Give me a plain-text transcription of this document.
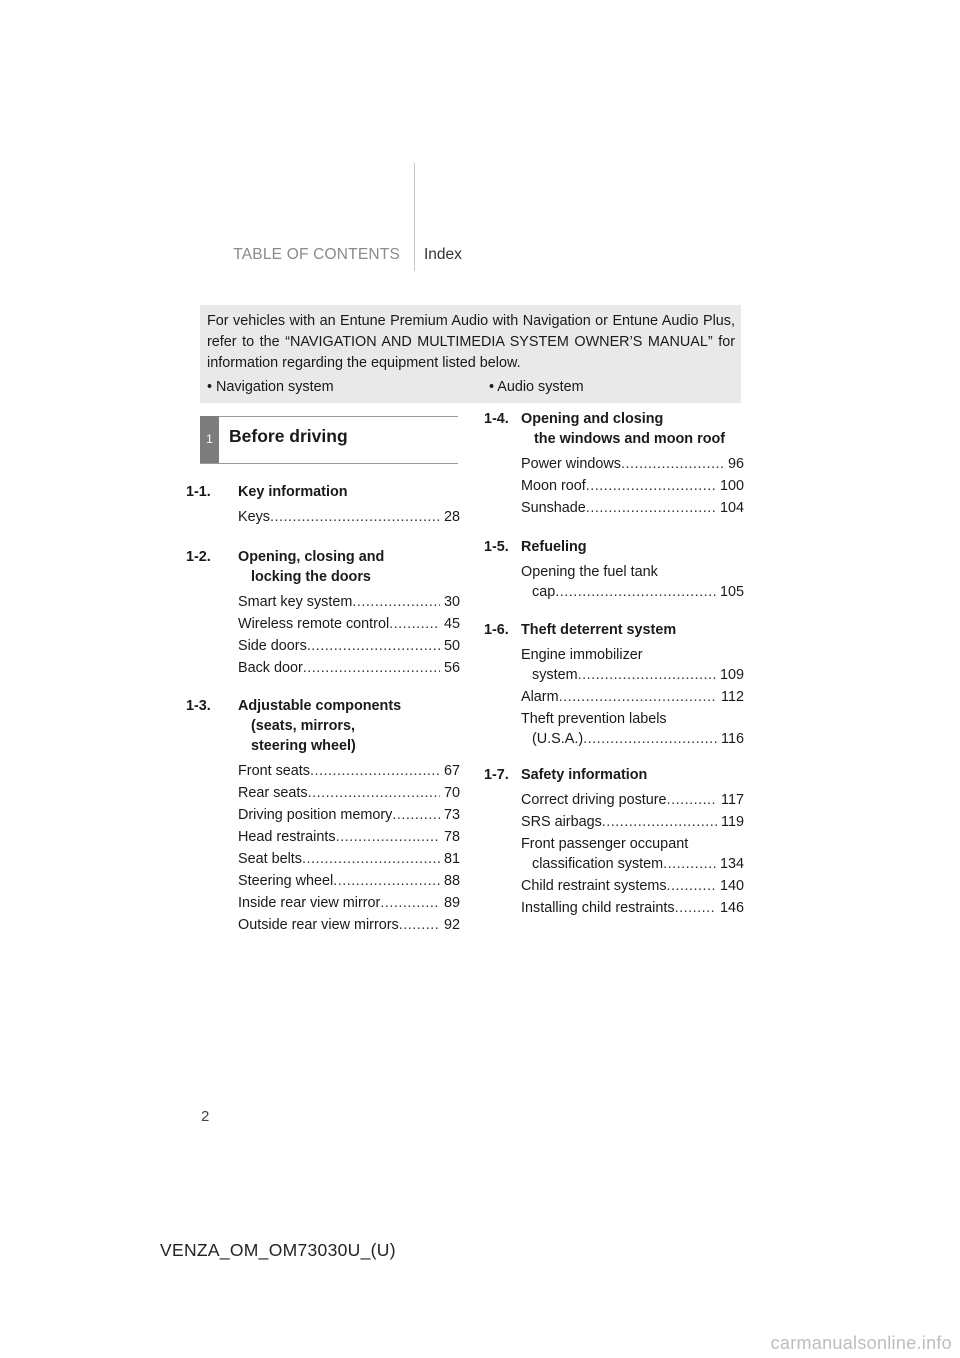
TABLE OF CONTENTS Index
For vehicles with an Entune Premium Audio with Navigation or Entune Audio Plus, refer to the “NAVIGATION AND MULTIMEDIA SYSTEM OWNER’S MANUAL” for information regarding the equipment listed below.
• Navigation system	• Audio system
1 Before driving
1-1.	Key information
Keys .....	28
1-2.	Opening, closing and
locking the doors
Smart key system .....	30
Wireless remote control .....	45
Side doors .....	50
Back door .....	56
1-3.	Adjustable components
(seats, mirrors,
steering wheel)
Front seats .....	67
Rear seats .....	70
Driving position memory .....	73
Head restraints .....	78
Seat belts .....	81
Steering wheel .....	88
Inside rear view mirror .....	89
Outside rear view mirrors .....	92
1-4. Opening and closing
the windows and moon roof
Power windows .....	96
Moon roof .....	100
Sunshade .....	104
1-5. Refueling
Opening the fuel tank
cap .....	105
1-6. Theft deterrent system
Engine immobilizer
system .....	109
Alarm .....	112
Theft prevention labels
(U.S.A.) .....	116
1-7. Safety information
Correct driving posture .....	117
SRS airbags .....	119
Front passenger occupant
classification system .....	134
Child restraint systems .....	140
Installing child restraints .....	146
2
VENZA_OM_OM73030U_(U)
carmanualsonline.info
